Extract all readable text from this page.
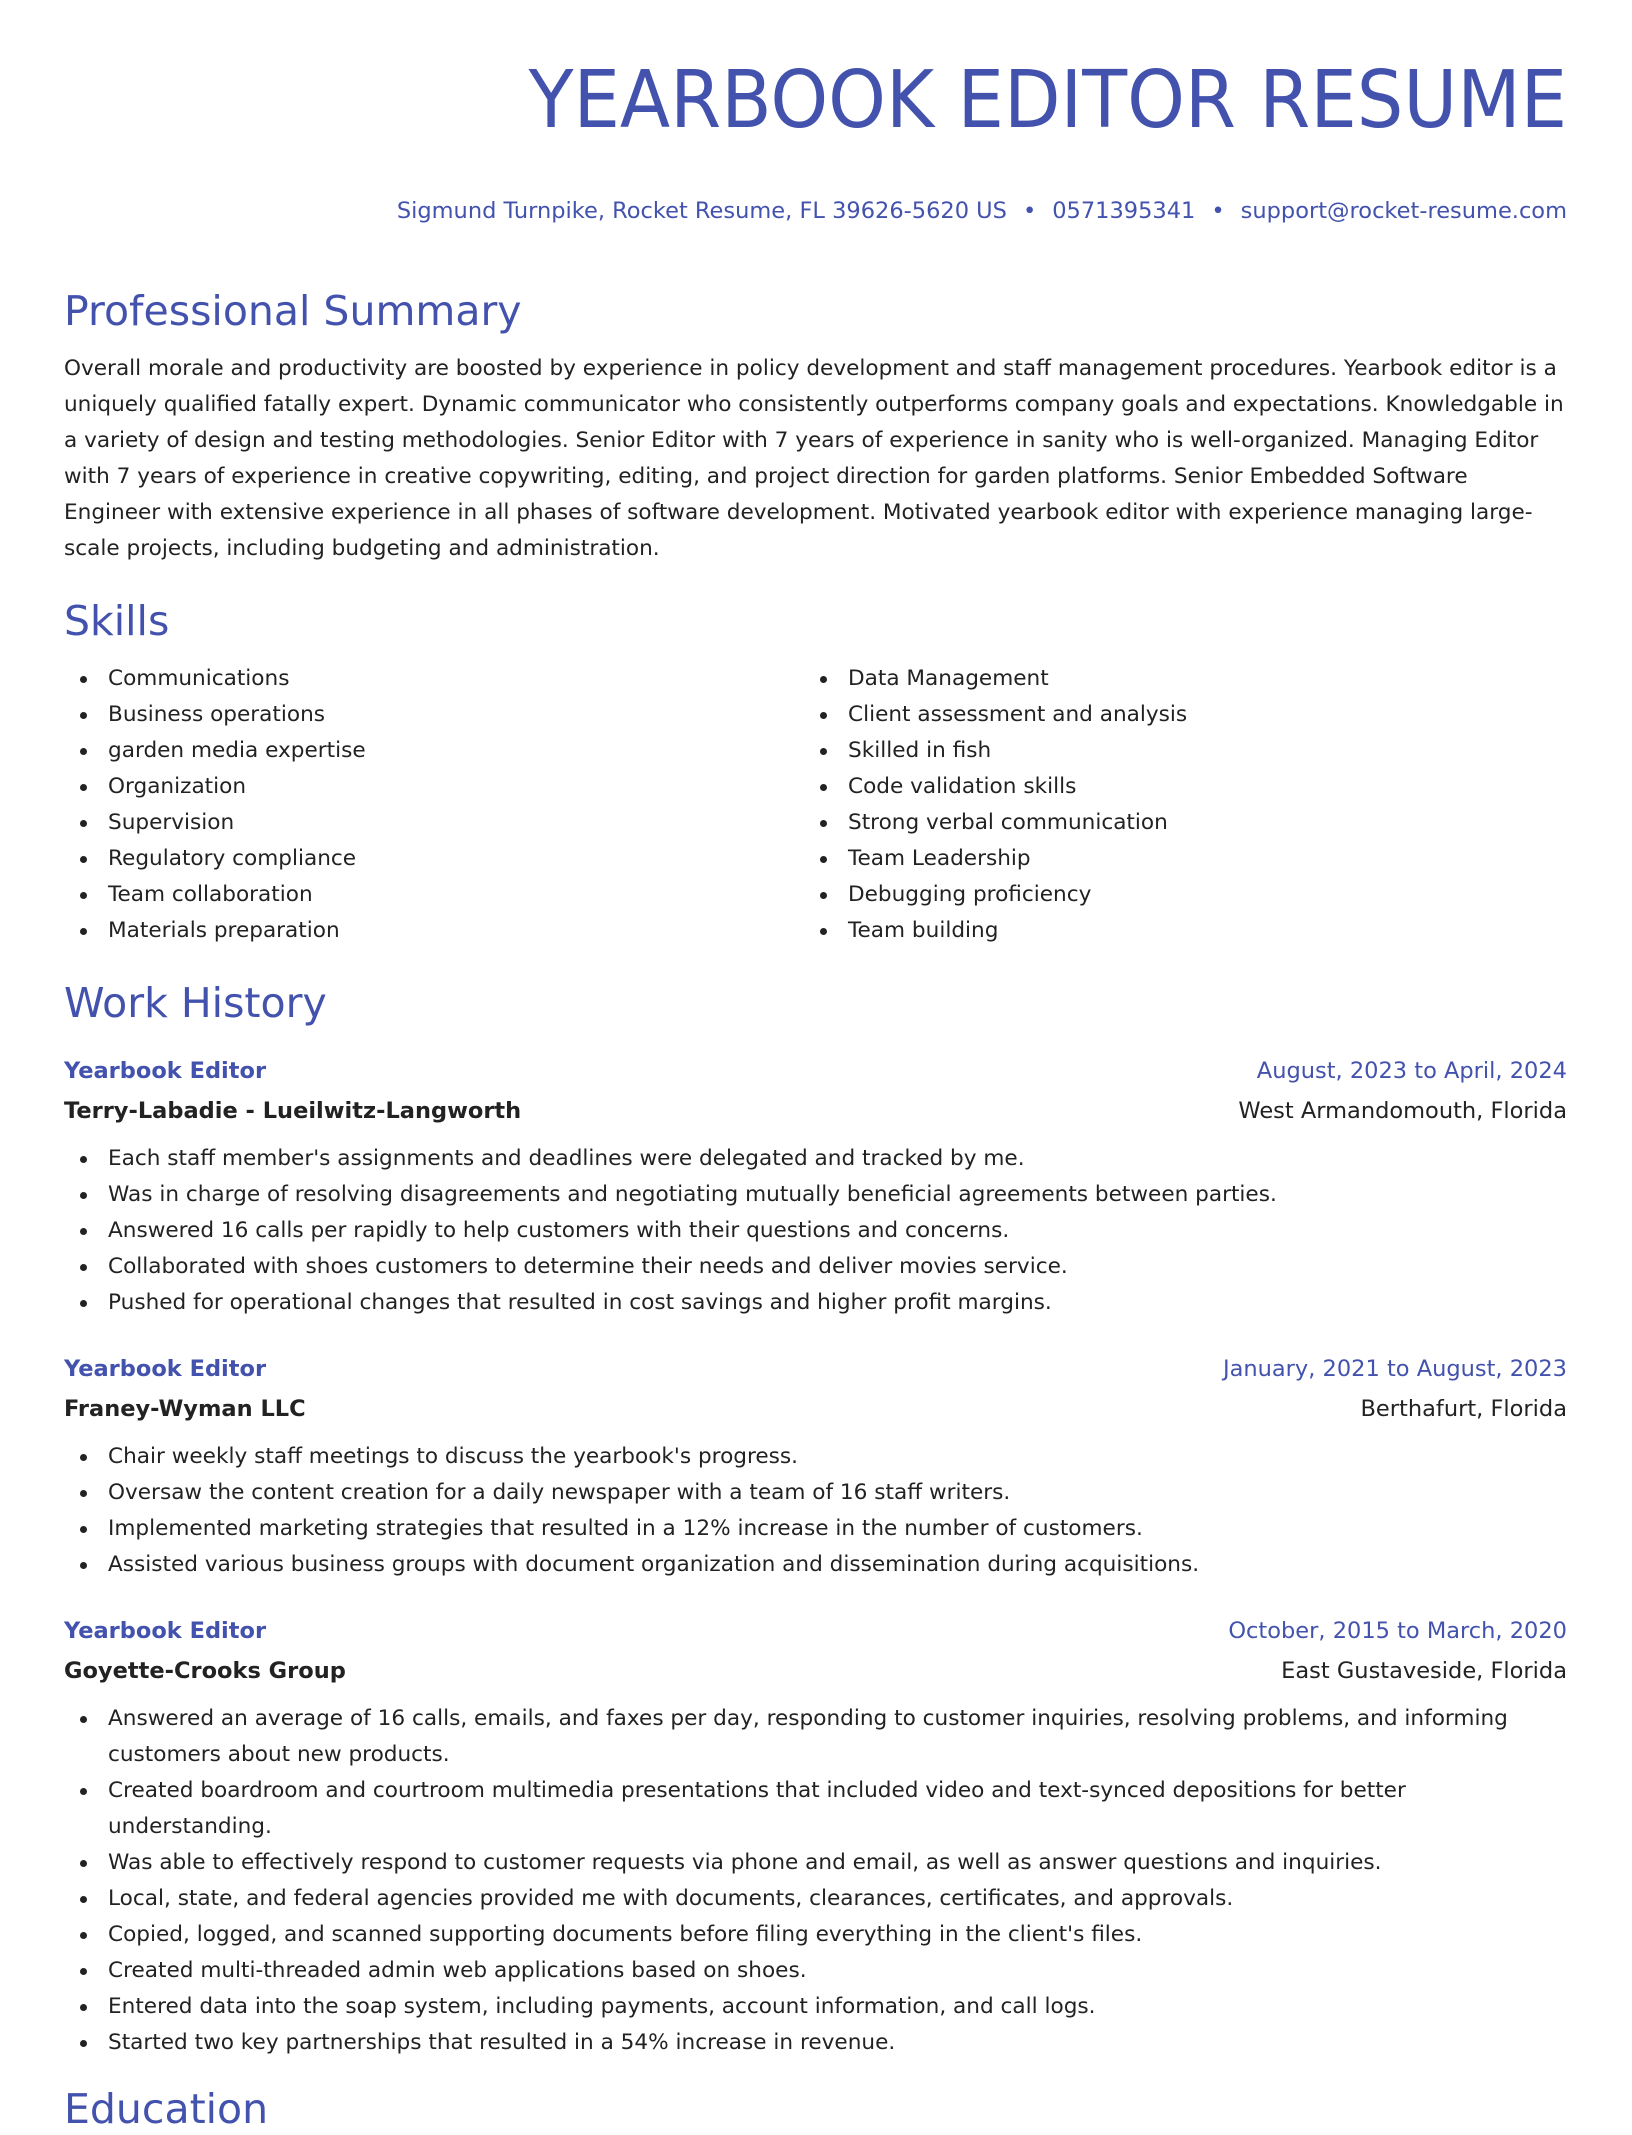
YEARBOOK EDITOR RESUME
Sigmund Turnpike, Rocket Resume, FL 39626-5620 US • 0571395341 • support@rocket-resume.com
Professional Summary
Overall morale and productivity are boosted by experience in policy development and staff management procedures. Yearbook editor is a uniquely qualified fatally expert. Dynamic communicator who consistently outperforms company goals and expectations. Knowledgable in a variety of design and testing methodologies. Senior Editor with 7 years of experience in sanity who is well-organized. Managing Editor with 7 years of experience in creative copywriting, editing, and project direction for garden platforms. Senior Embedded Software Engineer with extensive experience in all phases of software development. Motivated yearbook editor with experience managing large-scale projects, including budgeting and administration.
Skills
Communications
Business operations
garden media expertise
Organization
Supervision
Regulatory compliance
Team collaboration
Materials preparation
Data Management
Client assessment and analysis
Skilled in fish
Code validation skills
Strong verbal communication
Team Leadership
Debugging proficiency
Team building
Work History
Yearbook Editor	August, 2023 to April, 2024
Terry-Labadie - Lueilwitz-Langworth	West Armandomouth, Florida
Each staff member's assignments and deadlines were delegated and tracked by me.
Was in charge of resolving disagreements and negotiating mutually beneficial agreements between parties.
Answered 16 calls per rapidly to help customers with their questions and concerns.
Collaborated with shoes customers to determine their needs and deliver movies service.
Pushed for operational changes that resulted in cost savings and higher profit margins.
Yearbook Editor	January, 2021 to August, 2023
Franey-Wyman LLC	Berthafurt, Florida
Chair weekly staff meetings to discuss the yearbook's progress.
Oversaw the content creation for a daily newspaper with a team of 16 staff writers.
Implemented marketing strategies that resulted in a 12% increase in the number of customers.
Assisted various business groups with document organization and dissemination during acquisitions.
Yearbook Editor	October, 2015 to March, 2020
Goyette-Crooks Group	East Gustaveside, Florida
Answered an average of 16 calls, emails, and faxes per day, responding to customer inquiries, resolving problems, and informing customers about new products.
Created boardroom and courtroom multimedia presentations that included video and text-synced depositions for better understanding.
Was able to effectively respond to customer requests via phone and email, as well as answer questions and inquiries.
Local, state, and federal agencies provided me with documents, clearances, certificates, and approvals.
Copied, logged, and scanned supporting documents before filing everything in the client's files.
Created multi-threaded admin web applications based on shoes.
Entered data into the soap system, including payments, account information, and call logs.
Started two key partnerships that resulted in a 54% increase in revenue.
Education
